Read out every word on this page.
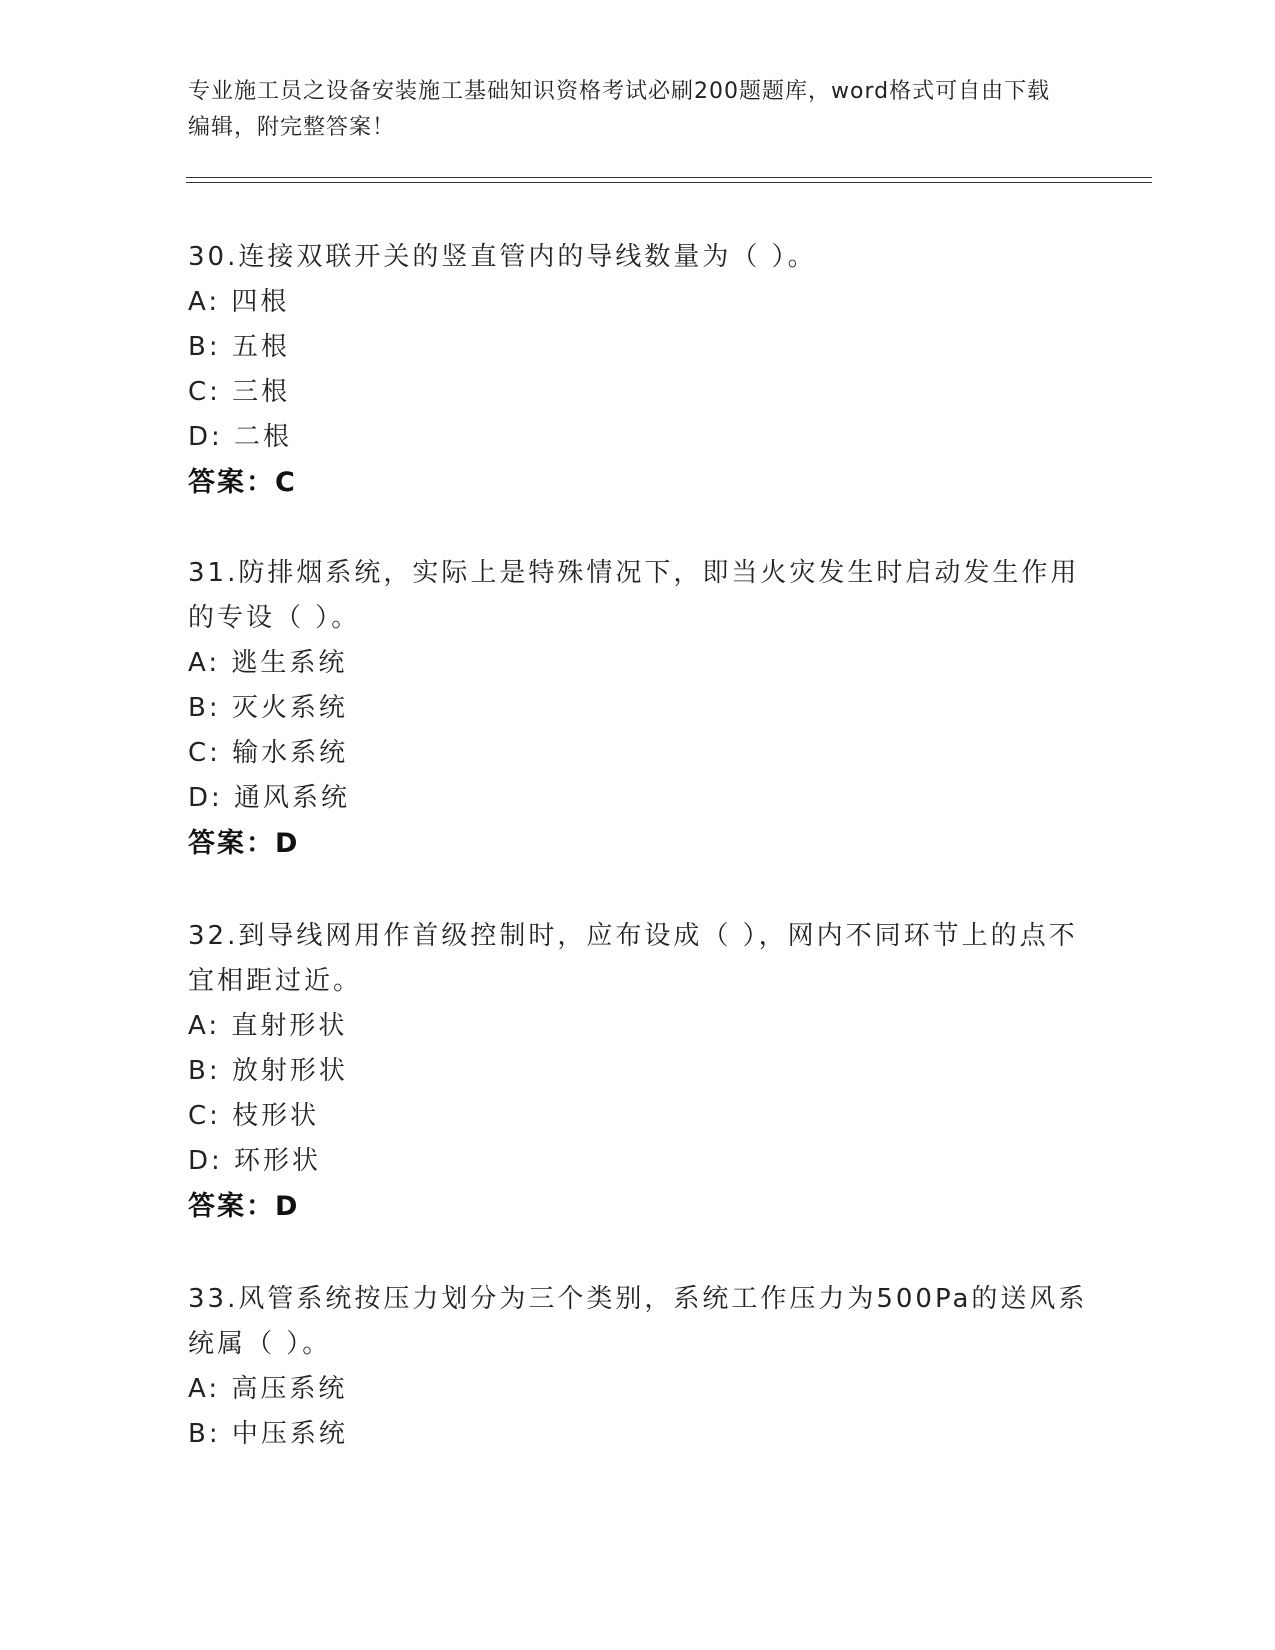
专业施工员之设备安装施工基础知识资格考试必刷200题题库，word格式可自由下载编辑，附完整答案！

30.连接双联开关的竖直管内的导线数量为（ ）。

A: 四根

B: 五根

C: 三根

D: 二根

答案：C

31.防排烟系统，实际上是特殊情况下，即当火灾发生时启动发生作用的专设（ ）。

A: 逃生系统

B: 灭火系统

C: 输水系统

D: 通风系统

答案：D

32.到导线网用作首级控制时，应布设成（ ），网内不同环节上的点不宜相距过近。

A: 直射形状

B: 放射形状

C: 枝形状

D: 环形状

答案：D

33.风管系统按压力划分为三个类别，系统工作压力为500Pa的送风系统属（ ）。

A: 高压系统

B: 中压系统
